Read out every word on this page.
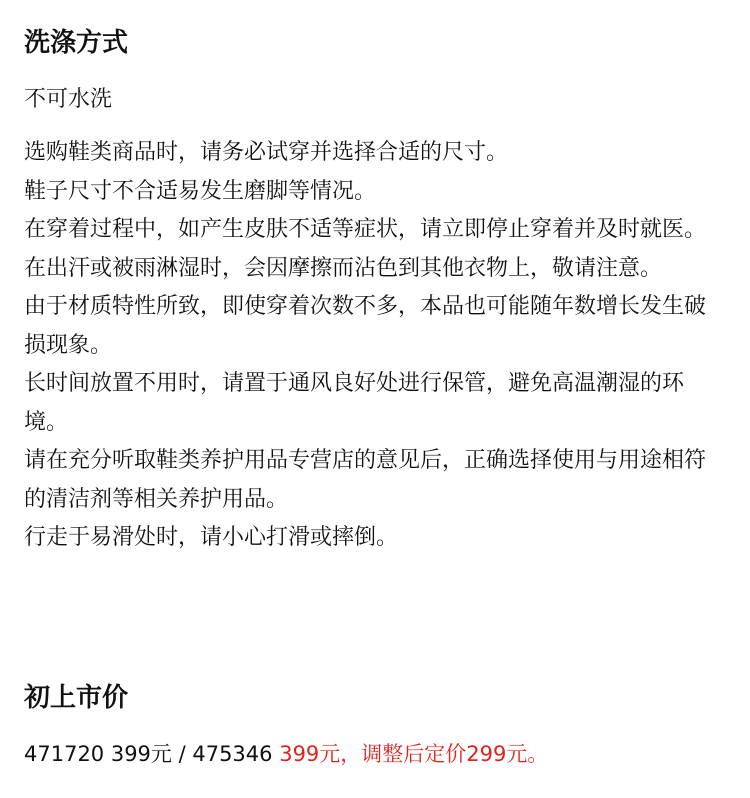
洗涤方式
不可水洗
选购鞋类商品时，请务必试穿并选择合适的尺寸。
鞋子尺寸不合适易发生磨脚等情况。
在穿着过程中，如产生皮肤不适等症状，请立即停止穿着并及时就医。
在出汗或被雨淋湿时，会因摩擦而沾色到其他衣物上，敬请注意。
由于材质特性所致，即使穿着次数不多，本品也可能随年数增长发生破损现象。
长时间放置不用时，请置于通风良好处进行保管，避免高温潮湿的环境。
请在充分听取鞋类养护用品专营店的意见后，正确选择使用与用途相符的清洁剂等相关养护用品。
行走于易滑处时，请小心打滑或摔倒。
初上市价
471720 399元 / 475346 399元，调整后定价299元。
